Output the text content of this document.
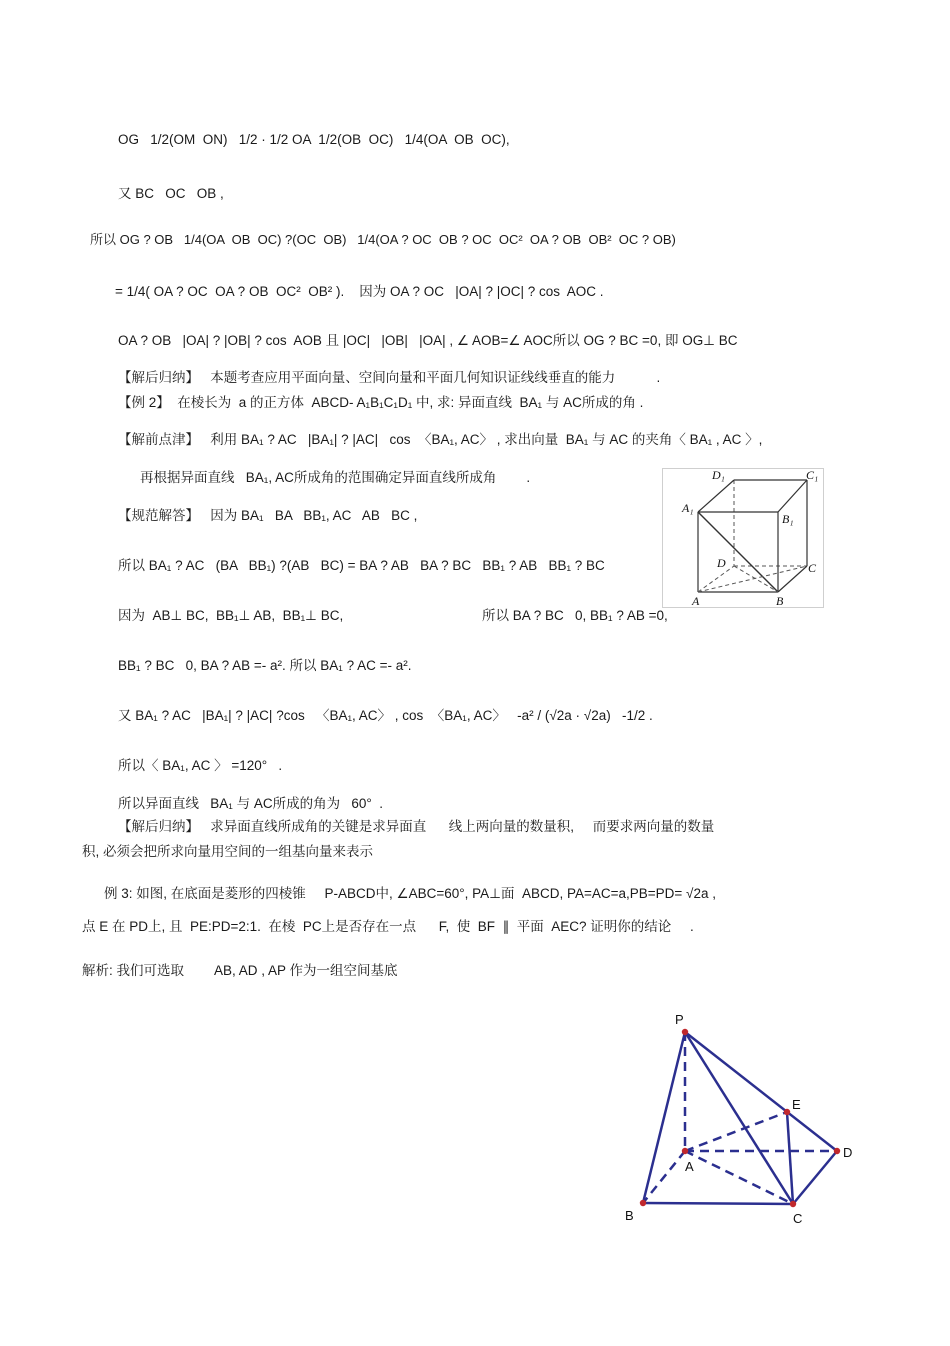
OG   1/2(OM  ON)   1/2 · 1/2 OA  1/2(OB  OC)   1/4(OA  OB  OC),
又 BC   OC   OB ,
所以 OG ? OB   1/4(OA  OB  OC) ?(OC  OB)   1/4(OA ? OC  OB ? OC  OC²  OA ? OB  OB²  OC ? OB)
= 1/4( OA ? OC  OA ? OB  OC²  OB² ).    因为 OA ? OC   |OA| ? |OC| ? cos  AOC .
OA ? OB   |OA| ? |OB| ? cos  AOB 且 |OC|   |OB|   |OA| , ∠ AOB=∠ AOC所以 OG ? BC =0, 即 OG⊥ BC
【解后归纳】   本题考查应用平面向量、空间向量和平面几何知识证线线垂直的能力           .
【例 2】  在棱长为  a 的正方体  ABCD- A₁B₁C₁D₁ 中, 求: 异面直线  BA₁ 与 AC所成的角 .
【解前点津】   利用 BA₁ ? AC   |BA₁| ? |AC|   cos  〈BA₁, AC〉 , 求出向量  BA₁ 与 AC 的夹角〈 BA₁ , AC 〉,
再根据异面直线   BA₁, AC所成角的范围确定异面直线所成角        .
【规范解答】   因为 BA₁   BA   BB₁, AC   AB   BC ,
所以 BA₁ ? AC   (BA   BB₁) ?(AB   BC) = BA ? AB   BA ? BC   BB₁ ? AB   BB₁ ? BC
因为  AB⊥ BC,  BB₁⊥ AB,  BB₁⊥ BC,	所以 BA ? BC   0, BB₁ ? AB =0,
BB₁ ? BC   0, BA ? AB =- a². 所以 BA₁ ? AC =- a².
又 BA₁ ? AC   |BA₁| ? |AC| ?cos   〈BA₁, AC〉 , cos  〈BA₁, AC〉   -a² / (√2a · √2a)   -1/2 .
所以〈 BA₁, AC 〉 =120°   .
所以异面直线   BA₁ 与 AC所成的角为   60°  .
【解后归纳】   求异面直线所成角的关键是求异面直      线上两向量的数量积,     而要求两向量的数量
积, 必须会把所求向量用空间的一组基向量来表示
例 3: 如图, 在底面是菱形的四棱锥     P-ABCD中, ∠ABC=60°, PA⊥面  ABCD, PA=AC=a,PB=PD= √2a ,
点 E 在 PD上, 且  PE:PD=2:1.  在棱  PC上是否存在一点      F,  使  BF  ∥  平面  AEC? 证明你的结论     .
解析: 我们可选取        AB, AD , AP 作为一组空间基底
D₁	C₁
A₁
B₁
D	C
A	B
P
E
A
D
B	C
